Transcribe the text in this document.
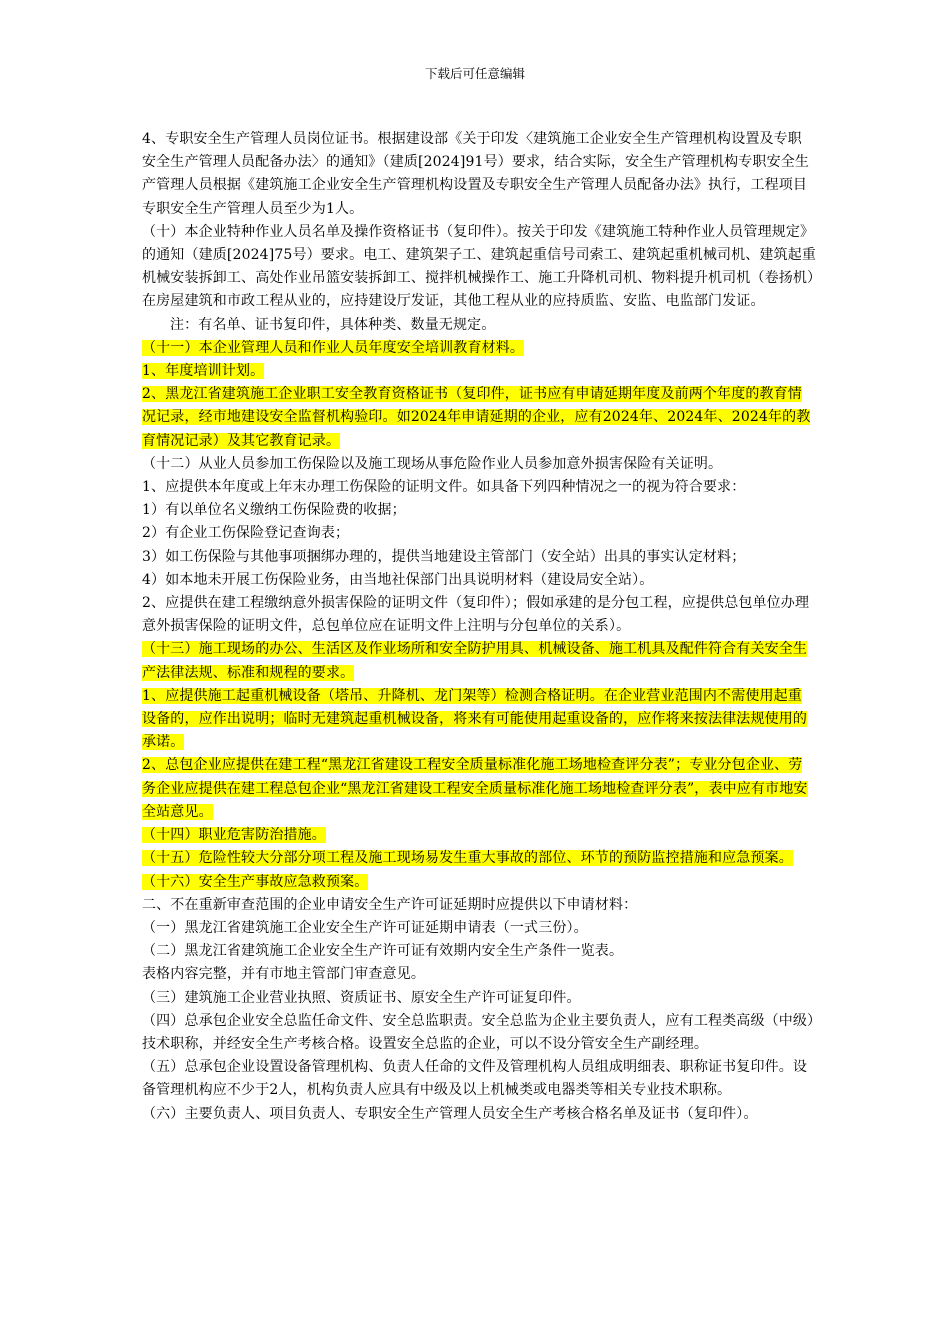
下载后可任意编辑

4、专职安全生产管理人员岗位证书。根据建设部《关于印发〈建筑施工企业安全生产管理机构设置及专职安全生产管理人员配备办法〉的通知》（建质[2024]91号）要求，结合实际，安全生产管理机构专职安全生产管理人员根据《建筑施工企业安全生产管理机构设置及专职安全生产管理人员配备办法》执行，工程项目专职安全生产管理人员至少为1人。

（十）本企业特种作业人员名单及操作资格证书（复印件）。按关于印发《建筑施工特种作业人员管理规定》的通知（建质[2024]75号）要求。电工、建筑架子工、建筑起重信号司索工、建筑起重机械司机、建筑起重机械安装拆卸工、高处作业吊篮安装拆卸工、搅拌机械操作工、施工升降机司机、物料提升机司机（卷扬机）在房屋建筑和市政工程从业的，应持建设厅发证，其他工程从业的应持质监、安监、电监部门发证。

注：有名单、证书复印件，具体种类、数量无规定。

（十一）本企业管理人员和作业人员年度安全培训教育材料。

1、年度培训计划。

2、黑龙江省建筑施工企业职工安全教育资格证书（复印件，证书应有申请延期年度及前两个年度的教育情况记录，经市地建设安全监督机构验印。如2024年申请延期的企业，应有2024年、2024年、2024年的教育情况记录）及其它教育记录。

（十二）从业人员参加工伤保险以及施工现场从事危险作业人员参加意外损害保险有关证明。

1、应提供本年度或上年末办理工伤保险的证明文件。如具备下列四种情况之一的视为符合要求：

1）有以单位名义缴纳工伤保险费的收据；

2）有企业工伤保险登记查询表；

3）如工伤保险与其他事项捆绑办理的，提供当地建设主管部门（安全站）出具的事实认定材料；

4）如本地未开展工伤保险业务，由当地社保部门出具说明材料（建设局安全站）。

2、应提供在建工程缴纳意外损害保险的证明文件（复印件）；假如承建的是分包工程，应提供总包单位办理意外损害保险的证明文件，总包单位应在证明文件上注明与分包单位的关系）。

（十三）施工现场的办公、生活区及作业场所和安全防护用具、机械设备、施工机具及配件符合有关安全生产法律法规、标准和规程的要求。

1、应提供施工起重机械设备（塔吊、升降机、龙门架等）检测合格证明。在企业营业范围内不需使用起重设备的，应作出说明；临时无建筑起重机械设备，将来有可能使用起重设备的，应作将来按法律法规使用的承诺。

2、总包企业应提供在建工程“黑龙江省建设工程安全质量标准化施工场地检查评分表”；专业分包企业、劳务企业应提供在建工程总包企业“黑龙江省建设工程安全质量标准化施工场地检查评分表”，表中应有市地安全站意见。

（十四）职业危害防治措施。

（十五）危险性较大分部分项工程及施工现场易发生重大事故的部位、环节的预防监控措施和应急预案。

（十六）安全生产事故应急救预案。

二、不在重新审查范围的企业申请安全生产许可证延期时应提供以下申请材料：

（一）黑龙江省建筑施工企业安全生产许可证延期申请表（一式三份）。

（二）黑龙江省建筑施工企业安全生产许可证有效期内安全生产条件一览表。

表格内容完整，并有市地主管部门审查意见。

（三）建筑施工企业营业执照、资质证书、原安全生产许可证复印件。

（四）总承包企业安全总监任命文件、安全总监职责。安全总监为企业主要负责人，应有工程类高级（中级）技术职称，并经安全生产考核合格。设置安全总监的企业，可以不设分管安全生产副经理。

（五）总承包企业设置设备管理机构、负责人任命的文件及管理机构人员组成明细表、职称证书复印件。设备管理机构应不少于2人，机构负责人应具有中级及以上机械类或电器类等相关专业技术职称。

（六）主要负责人、项目负责人、专职安全生产管理人员安全生产考核合格名单及证书（复印件）。
